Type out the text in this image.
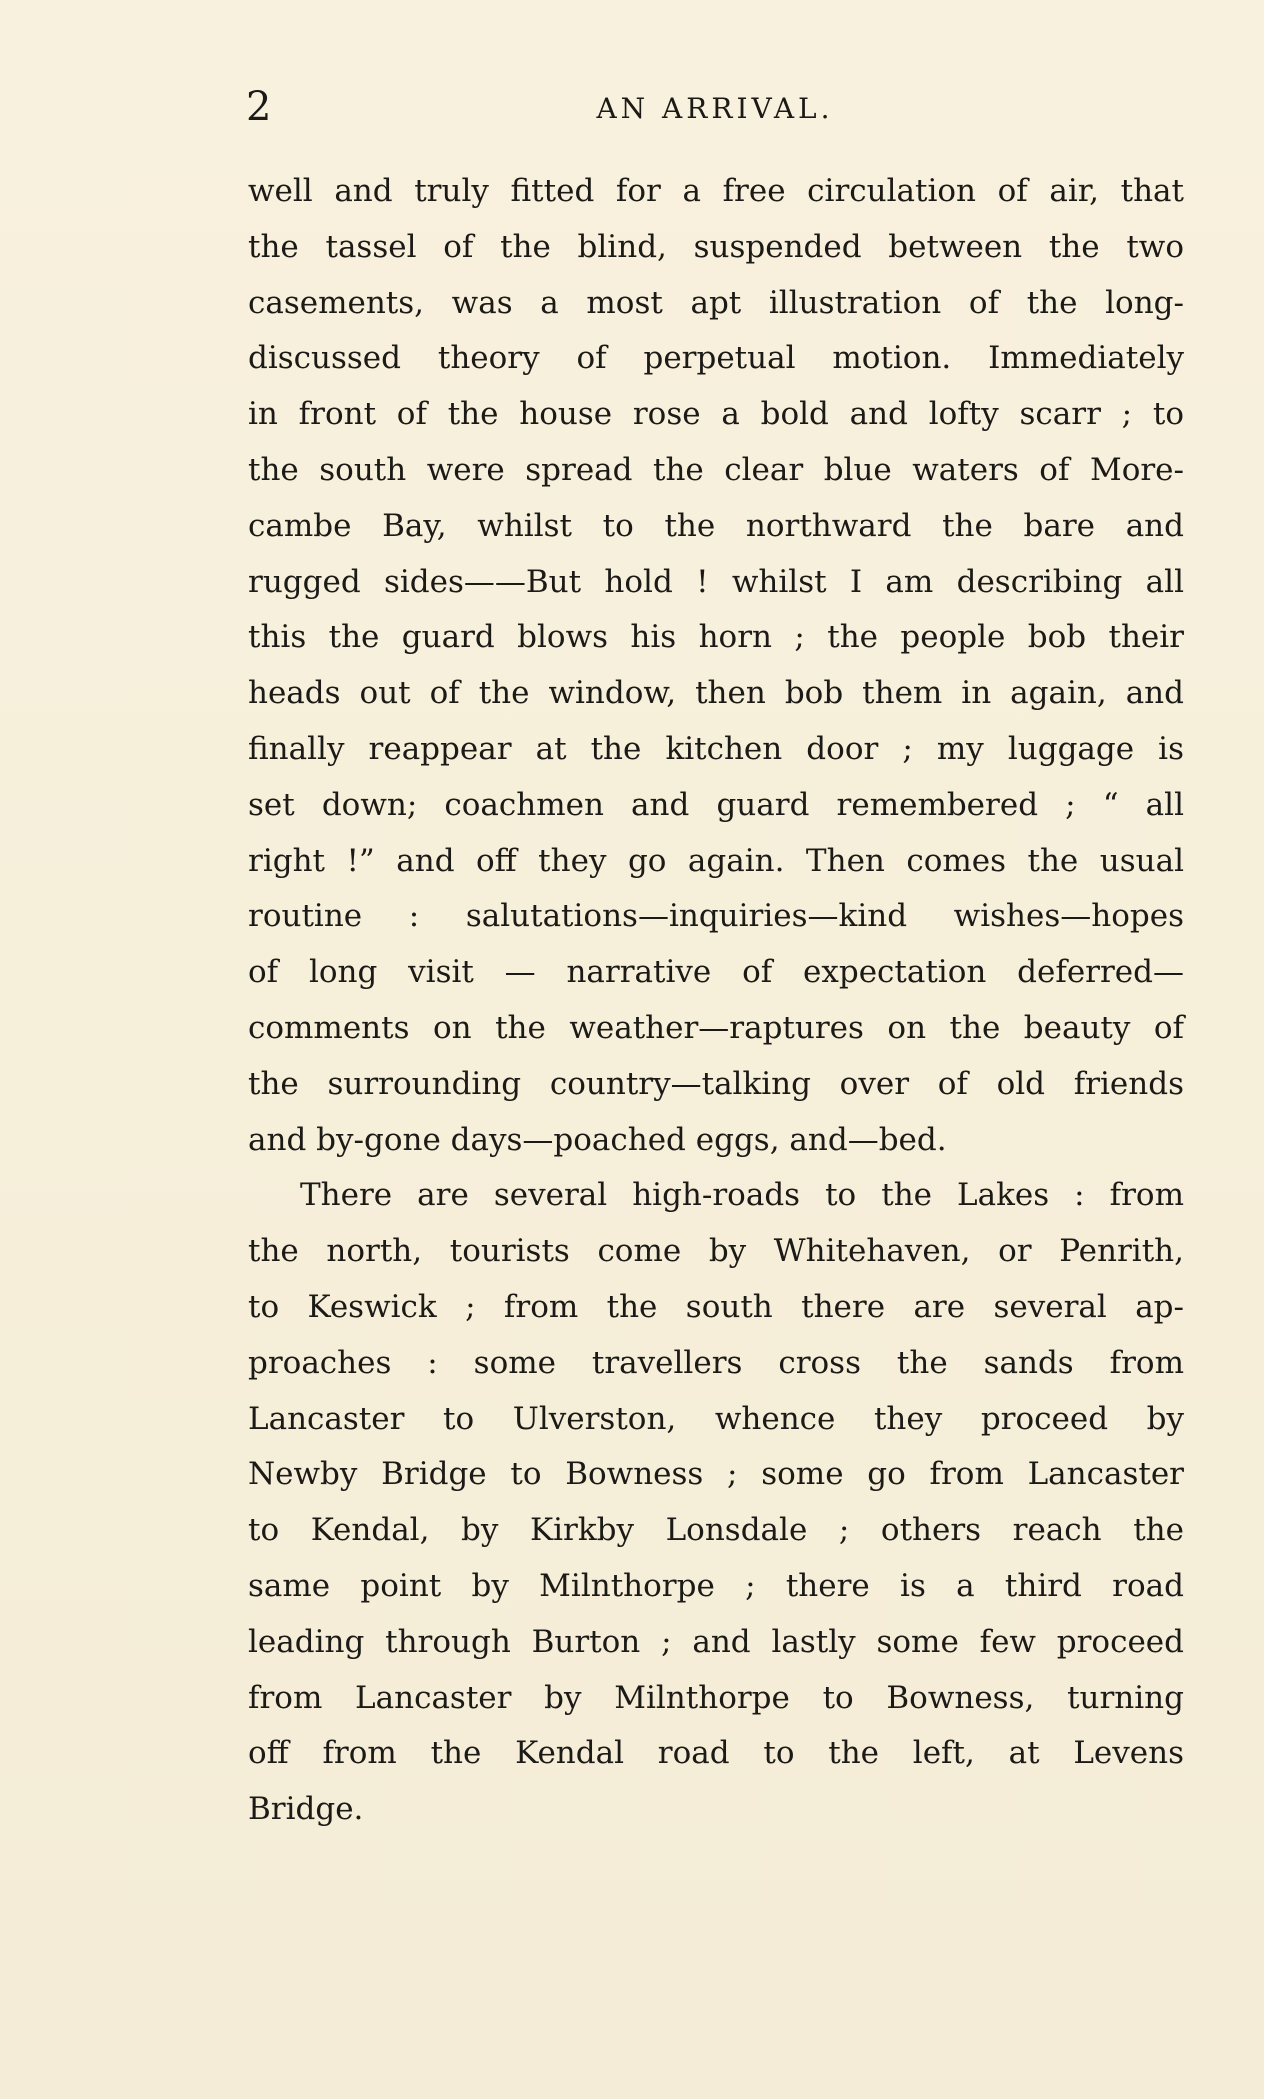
2	AN ARRIVAL.
well and truly fitted for a free circulation of air, that
the tassel of the blind, suspended between the two
casements, was a most apt illustration of the long-
discussed theory of perpetual motion. Immediately
in front of the house rose a bold and lofty scarr ; to
the south were spread the clear blue waters of More-
cambe Bay, whilst to the northward the bare and
rugged sides——But hold ! whilst I am describing all
this the guard blows his horn ; the people bob their
heads out of the window, then bob them in again, and
finally reappear at the kitchen door ; my luggage is
set down; coachmen and guard remembered ; “ all
right !” and off they go again. Then comes the usual
routine : salutations—inquiries—kind wishes—hopes
of long visit — narrative of expectation deferred—
comments on the weather—raptures on the beauty of
the surrounding country—talking over of old friends
and by-gone days—poached eggs, and—bed.
There are several high-roads to the Lakes : from
the north, tourists come by Whitehaven, or Penrith,
to Keswick ; from the south there are several ap-
proaches : some travellers cross the sands from
Lancaster to Ulverston, whence they proceed by
Newby Bridge to Bowness ; some go from Lancaster
to Kendal, by Kirkby Lonsdale ; others reach the
same point by Milnthorpe ; there is a third road
leading through Burton ; and lastly some few proceed
from Lancaster by Milnthorpe to Bowness, turning
off from the Kendal road to the left, at Levens
Bridge.
